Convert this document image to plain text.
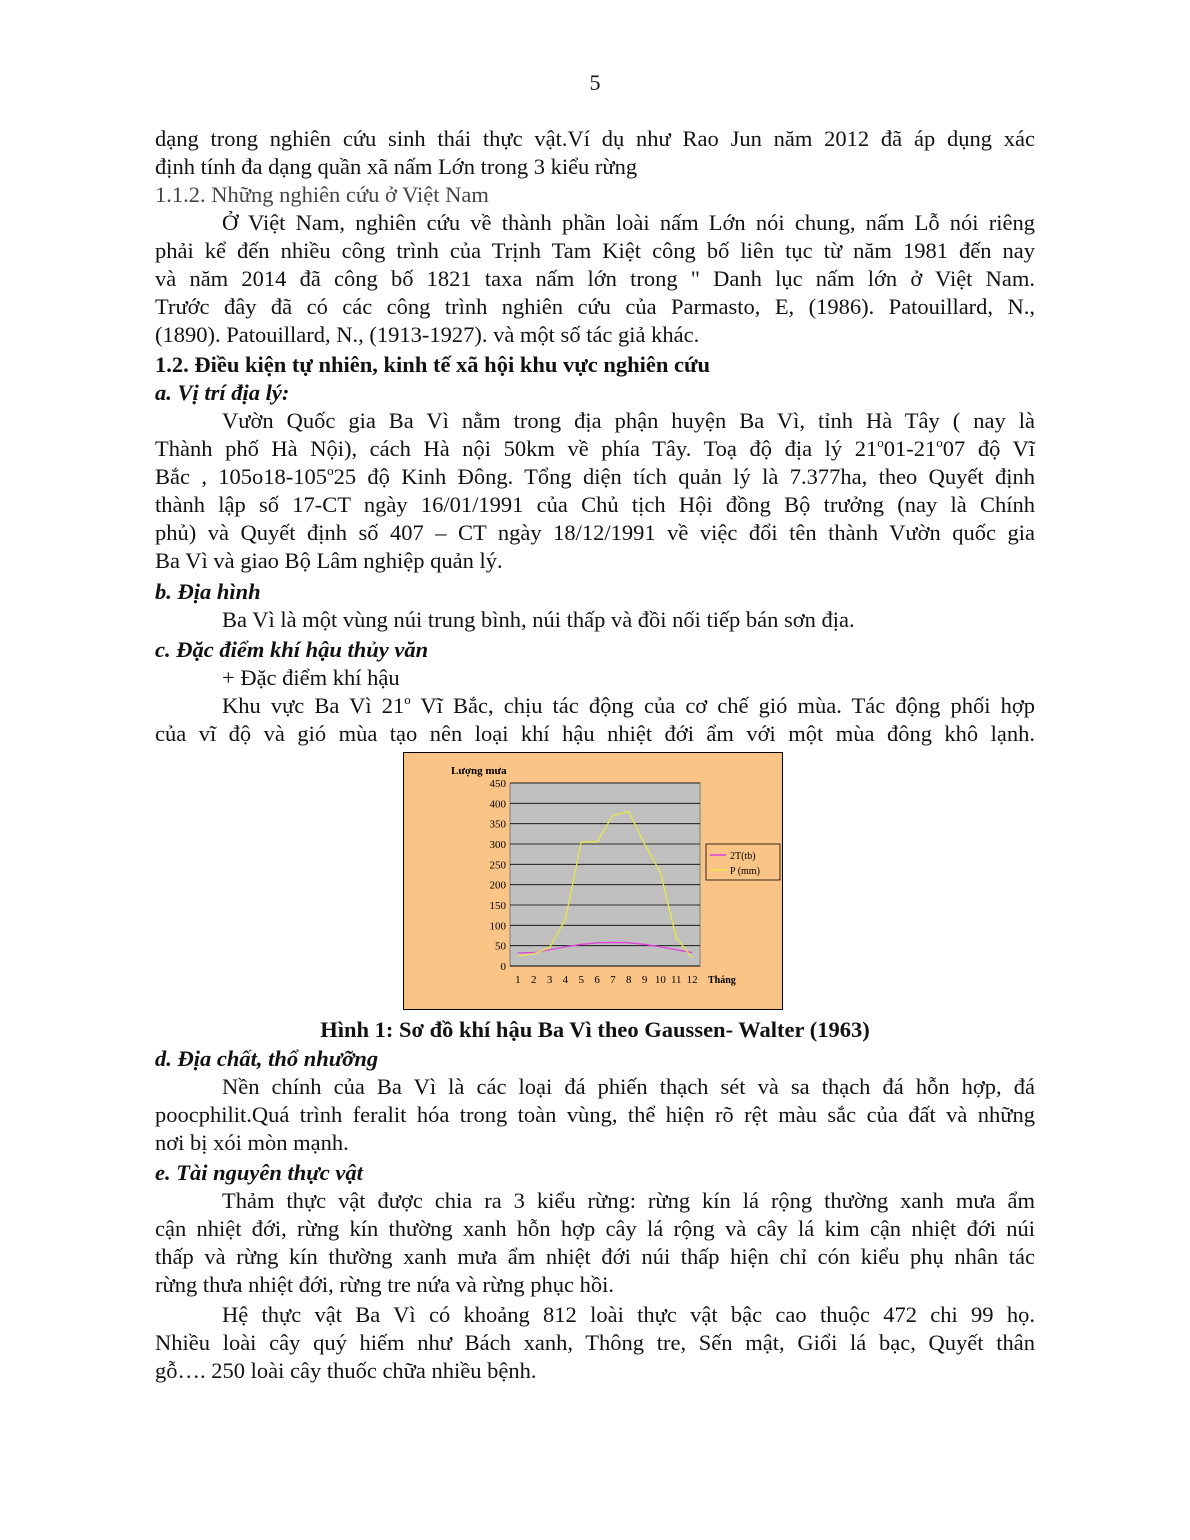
5
dạng trong nghiên cứu sinh thái thực vật.Ví dụ như Rao Jun năm 2012 đã áp dụng xác
định tính đa dạng quần xã nấm Lớn trong 3 kiểu rừng
1.1.2. Những nghiên cứu ở Việt Nam
Ở Việt Nam, nghiên cứu về thành phần loài nấm Lớn nói chung, nấm Lỗ nói riêng
phải kể đến nhiều công trình của Trịnh Tam Kiệt công bố liên tục từ năm 1981 đến nay
và năm 2014 đã công bố 1821 taxa nấm lớn trong " Danh lục nấm lớn ở Việt Nam.
Trước đây đã có các công trình nghiên cứu của Parmasto, E, (1986). Patouillard, N.,
(1890). Patouillard, N., (1913-1927). và một số tác giả khác.
1.2. Điều kiện tự nhiên, kinh tế xã hội khu vực nghiên cứu
a. Vị trí địa lý:
Vườn Quốc gia Ba Vì nằm trong địa phận huyện Ba Vì, tỉnh Hà Tây ( nay là
Thành phố Hà Nội), cách Hà nội 50km về phía Tây. Toạ độ địa lý 21$^o$01-21$^o$07 độ Vĩ
Bắc , 105o18-105$^o$25 độ Kinh Đông. Tổng diện tích quản lý là 7.377ha, theo Quyết định
thành lập số 17-CT ngày 16/01/1991 của Chủ tịch Hội đồng Bộ trưởng (nay là Chính
phủ) và Quyết định số 407 – CT ngày 18/12/1991 về việc đổi tên thành Vườn quốc gia
Ba Vì và giao Bộ Lâm nghiệp quản lý.
b. Địa hình
Ba Vì là một vùng núi trung bình, núi thấp và đồi nối tiếp bán sơn địa.
c. Đặc điểm khí hậu thủy văn
+ Đặc điểm khí hậu
Khu vực Ba Vì 21$^o$ Vĩ Bắc, chịu tác động của cơ chế gió mùa. Tác động phối hợp
của vĩ độ và gió mùa tạo nên loại khí hậu nhiệt đới ẩm với một mùa đông khô lạnh.
0
50
100
150
200
250
300
350
400
450
1 2 3 4 5 6 7 8 9 10 11 12
Lượng mưa
Tháng
2T(tb)
P (mm)
Hình 1: Sơ đồ khí hậu Ba Vì theo Gaussen- Walter (1963)
d. Địa chất, thổ nhưỡng
Nền chính của Ba Vì là các loại đá phiến thạch sét và sa thạch đá hỗn hợp, đá
poocphilit.Quá trình feralit hóa trong toàn vùng, thể hiện rõ rệt màu sắc của đất và những
nơi bị xói mòn mạnh.
e. Tài nguyên thực vật
Thảm thực vật được chia ra 3 kiểu rừng: rừng kín lá rộng thường xanh mưa ẩm
cận nhiệt đới, rừng kín thường xanh hỗn hợp cây lá rộng và cây lá kim cận nhiệt đới núi
thấp và rừng kín thường xanh mưa ẩm nhiệt đới núi thấp hiện chỉ cón kiểu phụ nhân tác
rừng thưa nhiệt đới, rừng tre nứa và rừng phục hồi.
Hệ thực vật Ba Vì có khoảng 812 loài thực vật bậc cao thuộc 472 chi 99 họ.
Nhiều loài cây quý hiếm như Bách xanh, Thông tre, Sến mật, Giổi lá bạc, Quyết thân
gỗ…. 250 loài cây thuốc chữa nhiều bệnh.
